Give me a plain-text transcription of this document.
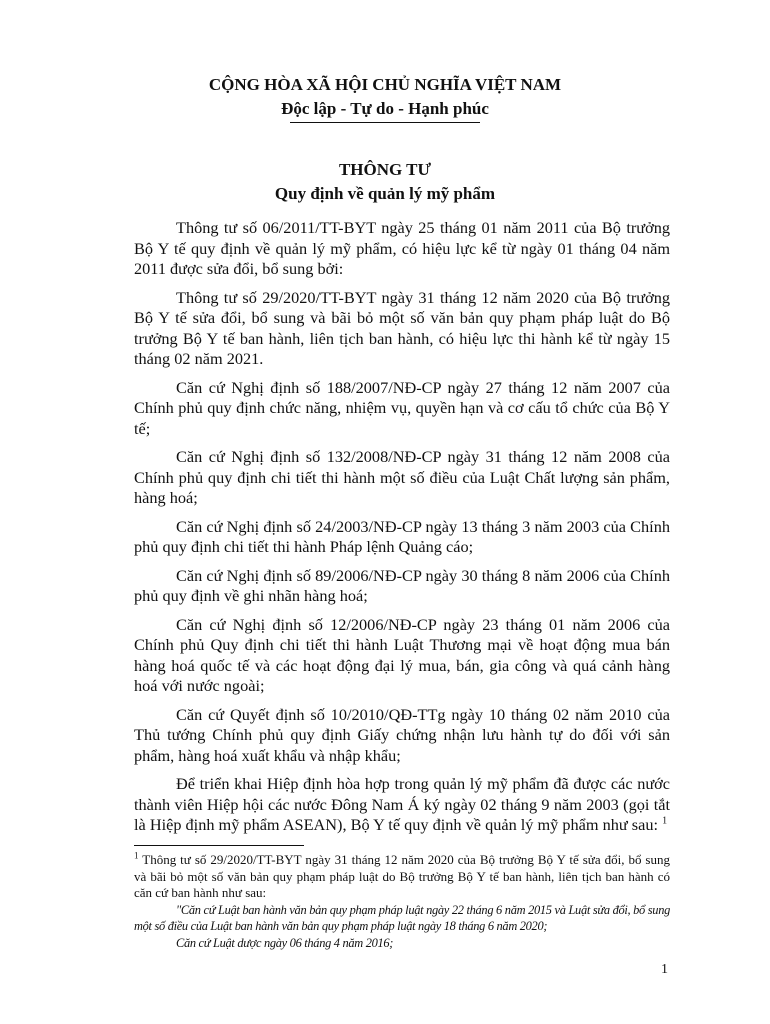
CỘNG HÒA XÃ HỘI CHỦ NGHĨA VIỆT NAM
Độc lập - Tự do - Hạnh phúc
THÔNG TƯ
Quy định về quản lý mỹ phẩm

Thông tư số 06/2011/TT-BYT ngày 25 tháng 01 năm 2011 của Bộ trưởng Bộ Y tế quy định về quản lý mỹ phẩm, có hiệu lực kể từ ngày 01 tháng 04 năm 2011 được sửa đổi, bổ sung bởi:

Thông tư số 29/2020/TT-BYT ngày 31 tháng 12 năm 2020 của Bộ trưởng Bộ Y tế sửa đổi, bổ sung và bãi bỏ một số văn bản quy phạm pháp luật do Bộ trưởng Bộ Y tế ban hành, liên tịch ban hành, có hiệu lực thi hành kể từ ngày 15 tháng 02 năm 2021.

Căn cứ Nghị định số 188/2007/NĐ-CP ngày 27 tháng 12 năm 2007 của Chính phủ quy định chức năng, nhiệm vụ, quyền hạn và cơ cấu tổ chức của Bộ Y tế;

Căn cứ Nghị định số 132/2008/NĐ-CP ngày 31 tháng 12 năm 2008 của Chính phủ quy định chi tiết thi hành một số điều của Luật Chất lượng sản phẩm, hàng hoá;

Căn cứ Nghị định số 24/2003/NĐ-CP ngày 13 tháng 3 năm 2003 của Chính phủ quy định chi tiết thi hành Pháp lệnh Quảng cáo;

Căn cứ Nghị định số 89/2006/NĐ-CP ngày 30 tháng 8 năm 2006 của Chính phủ quy định về ghi nhãn hàng hoá;

Căn cứ Nghị định số 12/2006/NĐ-CP ngày 23 tháng 01 năm 2006 của Chính phủ Quy định chi tiết thi hành Luật Thương mại về hoạt động mua bán hàng hoá quốc tế và các hoạt động đại lý mua, bán, gia công và quá cảnh hàng hoá với nước ngoài;

Căn cứ Quyết định số 10/2010/QĐ-TTg ngày 10 tháng 02 năm 2010 của Thủ tướng Chính phủ quy định Giấy chứng nhận lưu hành tự do đối với sản phẩm, hàng hoá xuất khẩu và nhập khẩu;

Để triển khai Hiệp định hòa hợp trong quản lý mỹ phẩm đã được các nước thành viên Hiệp hội các nước Đông Nam Á ký ngày 02 tháng 9 năm 2003 (gọi tắt là Hiệp định mỹ phẩm ASEAN), Bộ Y tế quy định về quản lý mỹ phẩm như sau: $^1$

$^1$ Thông tư số 29/2020/TT-BYT ngày 31 tháng 12 năm 2020 của Bộ trưởng Bộ Y tế sửa đổi, bổ sung và bãi bỏ một số văn bản quy phạm pháp luật do Bộ trưởng Bộ Y tế ban hành, liên tịch ban hành có căn cứ ban hành như sau:

"Căn cứ Luật ban hành văn bản quy phạm pháp luật ngày 22 tháng 6 năm 2015 và Luật sửa đổi, bổ sung một số điều của Luật ban hành văn bản quy phạm pháp luật ngày 18 tháng 6 năm 2020;

Căn cứ Luật dược ngày 06 tháng 4 năm 2016;

1
